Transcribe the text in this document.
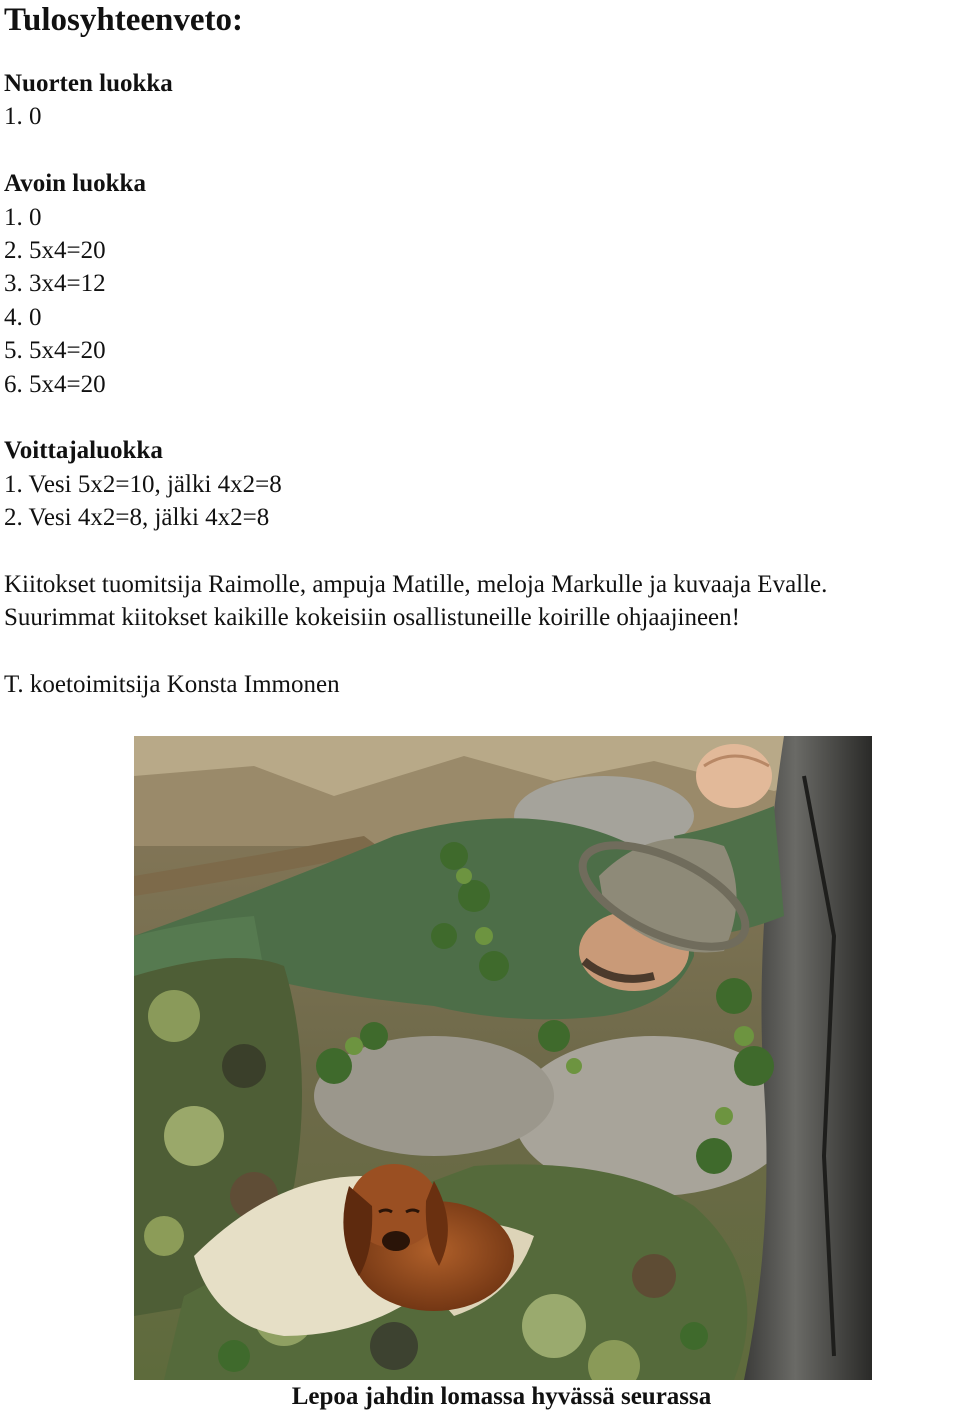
Tulosyhteenveto:
Nuorten luokka
1. 0
Avoin luokka
1. 0
2. 5x4=20
3. 3x4=12
4. 0
5. 5x4=20
6. 5x4=20
Voittajaluokka
1. Vesi 5x2=10, jälki 4x2=8
2. Vesi 4x2=8, jälki 4x2=8
Kiitokset tuomitsija Raimolle, ampuja Matille, meloja Markulle ja kuvaaja Evalle.
Suurimmat kiitokset kaikille kokeisiin osallistuneille koirille ohjaajineen!
T. koetoimitsija Konsta Immonen
Lepoa jahdin lomassa hyvässä seurassa
